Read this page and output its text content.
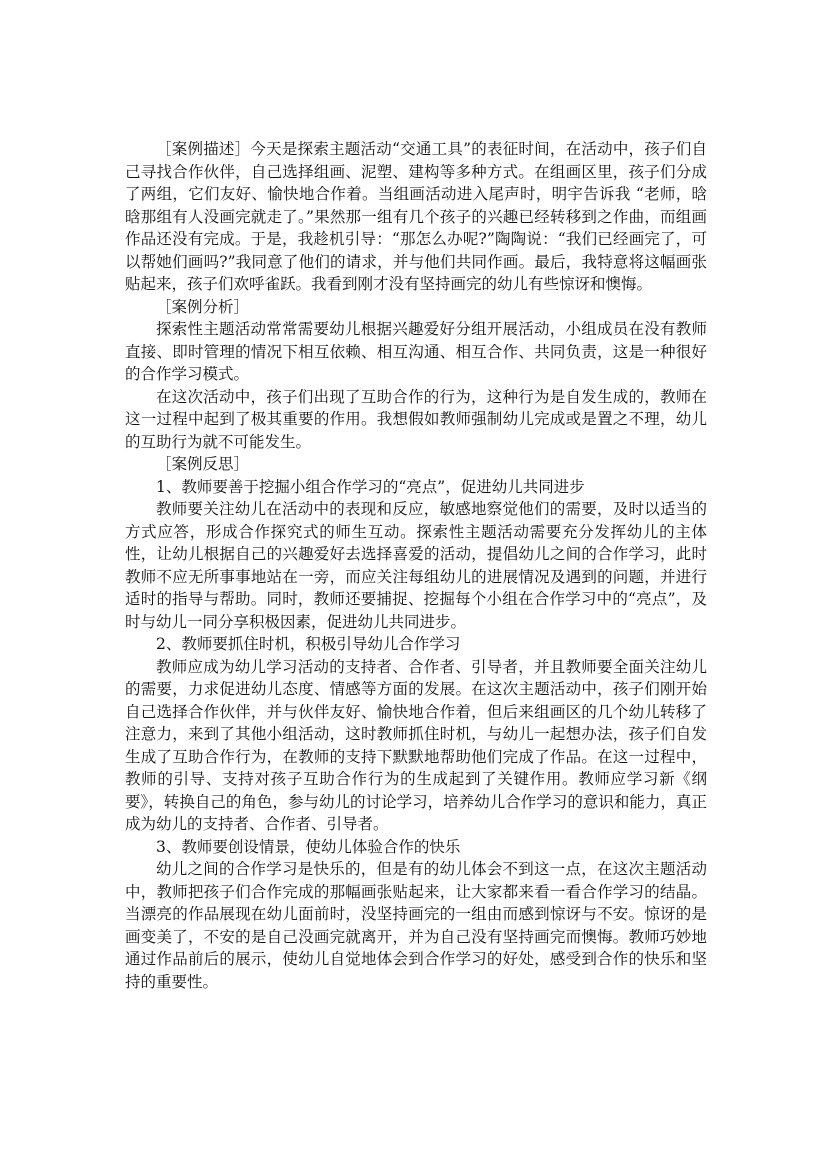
［案例描述］今天是探索主题活动“交通工具”的表征时间，在活动中，孩子们自己寻找合作伙伴，自己选择组画、泥塑、建构等多种方式。在组画区里，孩子们分成了两组，它们友好、愉快地合作着。当组画活动进入尾声时，明宇告诉我 “老师，晗晗那组有人没画完就走了。”果然那一组有几个孩子的兴趣已经转移到之作曲，而组画作品还没有完成。于是，我趁机引导：“那怎么办呢?”陶陶说：“我们已经画完了，可以帮她们画吗?”我同意了他们的请求，并与他们共同作画。最后，我特意将这幅画张贴起来，孩子们欢呼雀跃。我看到刚才没有坚持画完的幼儿有些惊讶和懊悔。

［案例分析］

探索性主题活动常常需要幼儿根据兴趣爱好分组开展活动，小组成员在没有教师直接、即时管理的情况下相互依赖、相互沟通、相互合作、共同负责，这是一种很好的合作学习模式。

在这次活动中，孩子们出现了互助合作的行为，这种行为是自发生成的，教师在这一过程中起到了极其重要的作用。我想假如教师强制幼儿完成或是置之不理，幼儿的互助行为就不可能发生。

［案例反思］

1、教师要善于挖掘小组合作学习的“亮点”，促进幼儿共同进步

教师要关注幼儿在活动中的表现和反应，敏感地察觉他们的需要，及时以适当的方式应答，形成合作探究式的师生互动。探索性主题活动需要充分发挥幼儿的主体性，让幼儿根据自己的兴趣爱好去选择喜爱的活动，提倡幼儿之间的合作学习，此时教师不应无所事事地站在一旁，而应关注每组幼儿的进展情况及遇到的问题，并进行适时的指导与帮助。同时，教师还要捕捉、挖掘每个小组在合作学习中的“亮点”，及时与幼儿一同分享积极因素，促进幼儿共同进步。

2、教师要抓住时机，积极引导幼儿合作学习

教师应成为幼儿学习活动的支持者、合作者、引导者，并且教师要全面关注幼儿的需要，力求促进幼儿态度、情感等方面的发展。在这次主题活动中，孩子们刚开始自己选择合作伙伴，并与伙伴友好、愉快地合作着，但后来组画区的几个幼儿转移了注意力，来到了其他小组活动，这时教师抓住时机，与幼儿一起想办法，孩子们自发生成了互助合作行为，在教师的支持下默默地帮助他们完成了作品。在这一过程中，教师的引导、支持对孩子互助合作行为的生成起到了关键作用。教师应学习新《纲要》，转换自己的角色，参与幼儿的讨论学习，培养幼儿合作学习的意识和能力，真正成为幼儿的支持者、合作者、引导者。

3、教师要创设情景，使幼儿体验合作的快乐

幼儿之间的合作学习是快乐的，但是有的幼儿体会不到这一点，在这次主题活动中，教师把孩子们合作完成的那幅画张贴起来，让大家都来看一看合作学习的结晶。当漂亮的作品展现在幼儿面前时，没坚持画完的一组由而感到惊讶与不安。惊讶的是画变美了，不安的是自己没画完就离开，并为自己没有坚持画完而懊悔。教师巧妙地通过作品前后的展示，使幼儿自觉地体会到合作学习的好处，感受到合作的快乐和坚持的重要性。
